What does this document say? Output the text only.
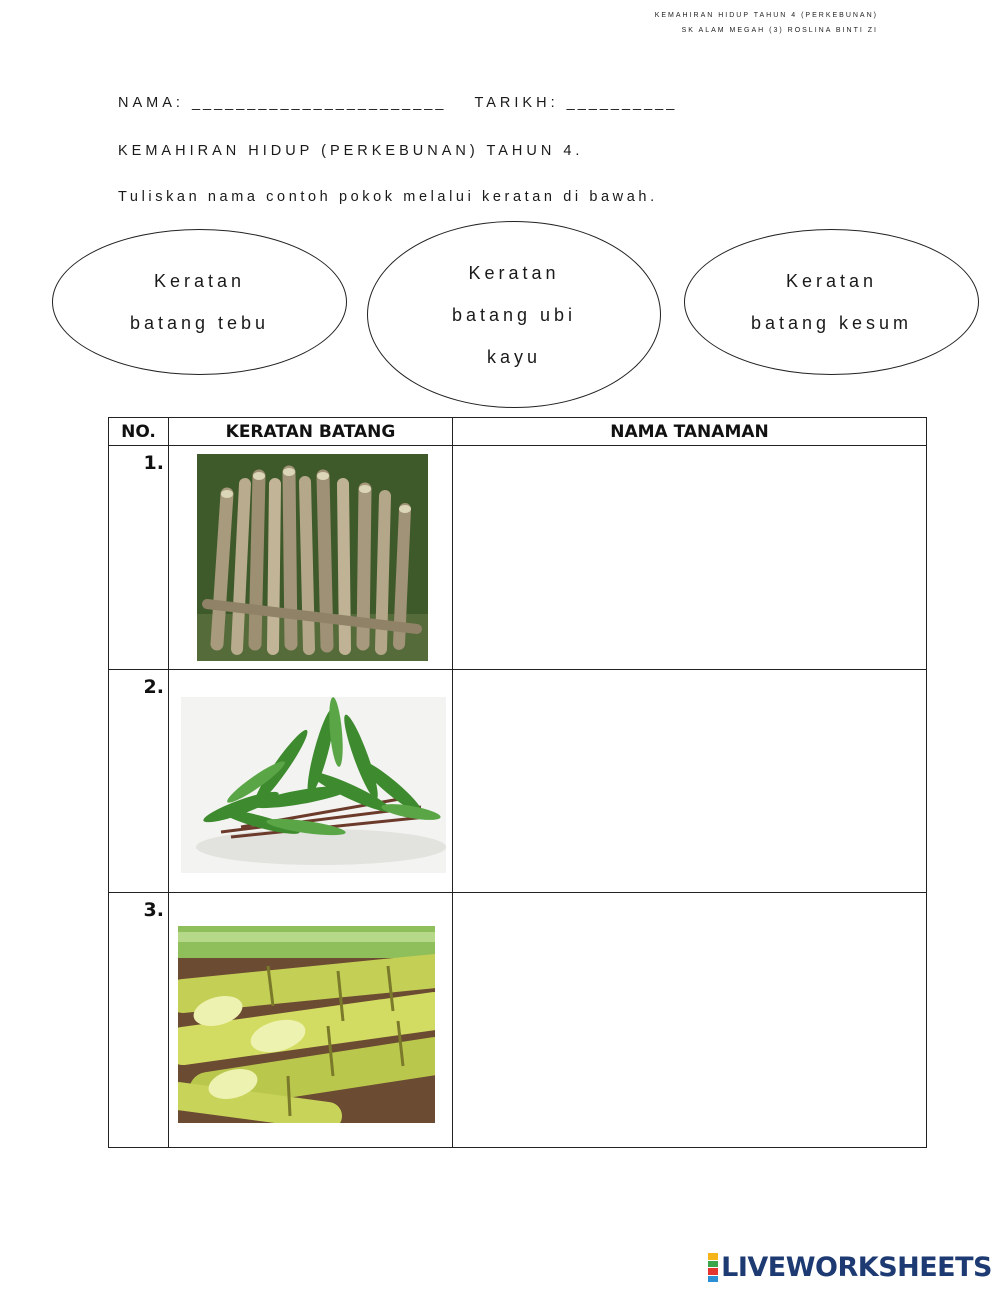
KEMAHIRAN HIDUP TAHUN 4 (PERKEBUNAN)
SK ALAM MEGAH (3) ROSLINA BINTI ZI
NAMA: _______________________ TARIKH: __________
KEMAHIRAN HIDUP (PERKEBUNAN) TAHUN 4.
Tuliskan nama contoh pokok melalui keratan di bawah.
Keratan
batang tebu
Keratan
batang ubi
kayu
Keratan
batang kesum
NO.	KERATAN BATANG	NAMA TANAMAN
1.	

2.	

3.	

LIVEWORKSHEETS
